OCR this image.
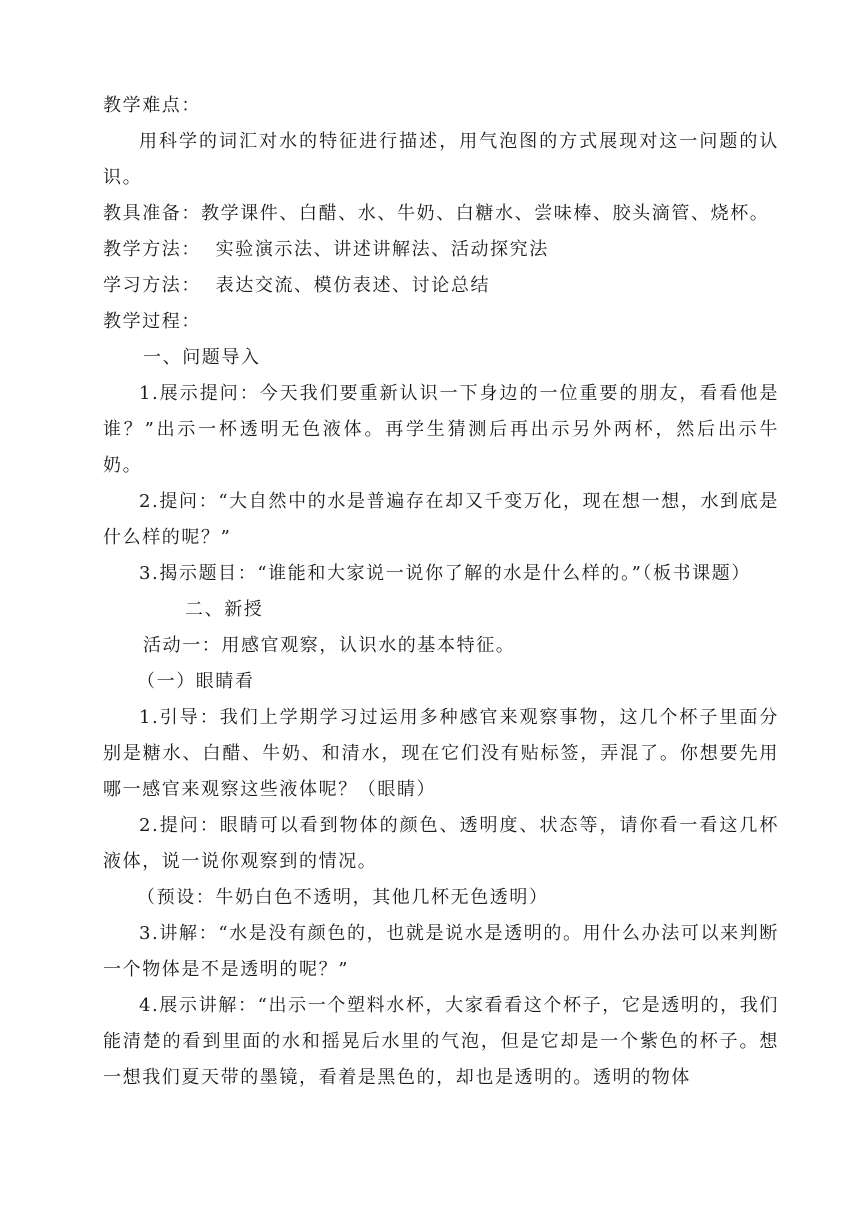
教学难点：
用科学的词汇对水的特征进行描述，用气泡图的方式展现对这一问题的认识。
教具准备：教学课件、白醋、水、牛奶、白糖水、尝味棒、胶头滴管、烧杯。
教学方法：  实验演示法、讲述讲解法、活动探究法
学习方法：  表达交流、模仿表述、讨论总结
教学过程：
一、问题导入
1.展示提问：今天我们要重新认识一下身边的一位重要的朋友，看看他是谁？”出示一杯透明无色液体。再学生猜测后再出示另外两杯，然后出示牛奶。
2.提问：“大自然中的水是普遍存在却又千变万化，现在想一想，水到底是什么样的呢？”
3.揭示题目：“谁能和大家说一说你了解的水是什么样的。”（板书课题）
二、新授
活动一：用感官观察，认识水的基本特征。
（一）眼睛看
1.引导：我们上学期学习过运用多种感官来观察事物，这几个杯子里面分别是糖水、白醋、牛奶、和清水，现在它们没有贴标签，弄混了。你想要先用哪一感官来观察这些液体呢？（眼睛）
2.提问：眼睛可以看到物体的颜色、透明度、状态等，请你看一看这几杯液体，说一说你观察到的情况。
（预设：牛奶白色不透明，其他几杯无色透明）
3.讲解：“水是没有颜色的，也就是说水是透明的。用什么办法可以来判断一个物体是不是透明的呢？”
4.展示讲解：“出示一个塑料水杯，大家看看这个杯子，它是透明的，我们能清楚的看到里面的水和摇晃后水里的气泡，但是它却是一个紫色的杯子。想一想我们夏天带的墨镜，看着是黑色的，却也是透明的。透明的物体
